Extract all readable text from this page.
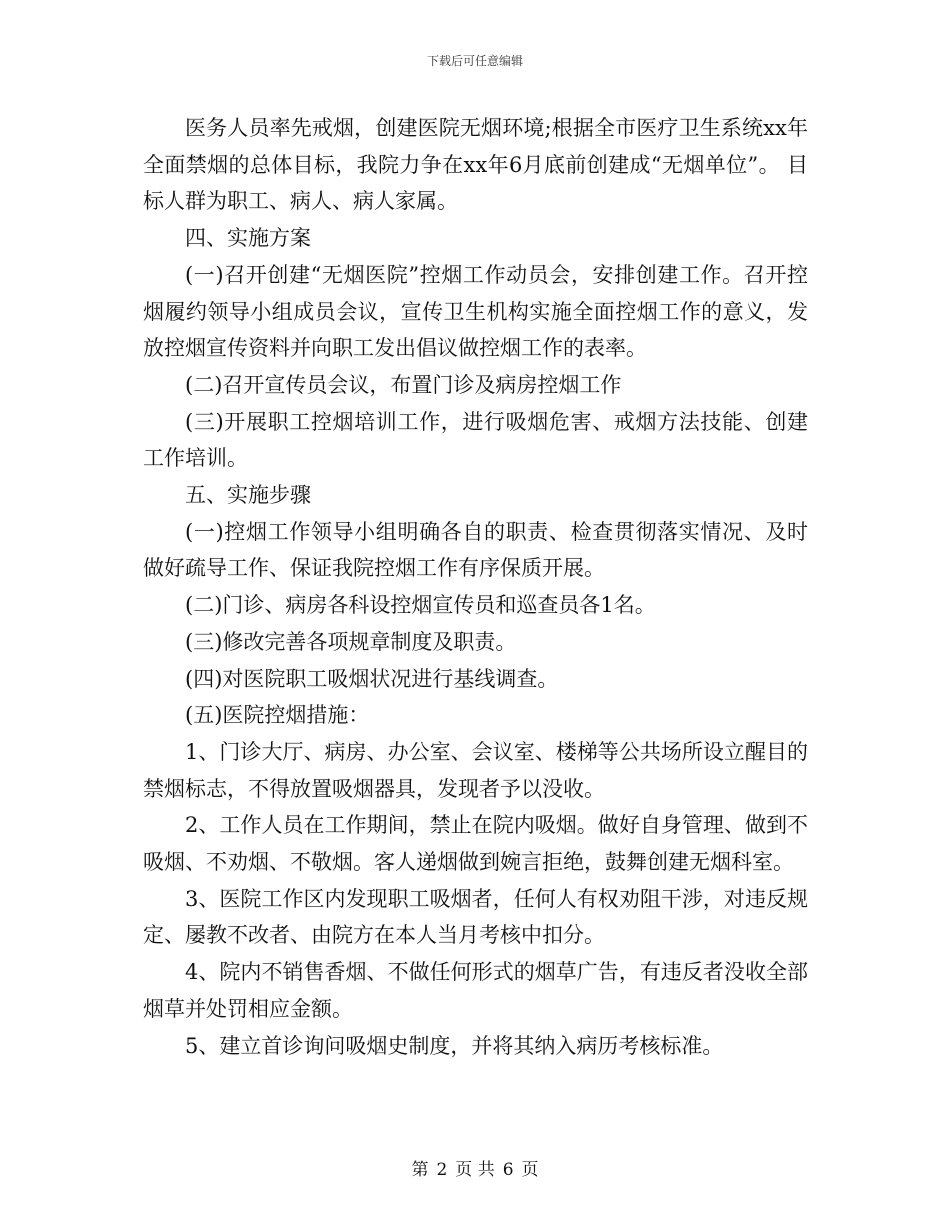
下载后可任意编辑

医务人员率先戒烟，创建医院无烟环境;根据全市医疗卫生系统xx年全面禁烟的总体目标，我院力争在xx年6月底前创建成“无烟单位”。 目标人群为职工、病人、病人家属。

四、实施方案

(一)召开创建“无烟医院”控烟工作动员会，安排创建工作。召开控烟履约领导小组成员会议，宣传卫生机构实施全面控烟工作的意义，发放控烟宣传资料并向职工发出倡议做控烟工作的表率。

(二)召开宣传员会议，布置门诊及病房控烟工作

(三)开展职工控烟培训工作，进行吸烟危害、戒烟方法技能、创建工作培训。

五、实施步骤

(一)控烟工作领导小组明确各自的职责、检查贯彻落实情况、及时做好疏导工作、保证我院控烟工作有序保质开展。

(二)门诊、病房各科设控烟宣传员和巡查员各1名。

(三)修改完善各项规章制度及职责。

(四)对医院职工吸烟状况进行基线调查。

(五)医院控烟措施：

1、门诊大厅、病房、办公室、会议室、楼梯等公共场所设立醒目的禁烟标志，不得放置吸烟器具，发现者予以没收。

2、工作人员在工作期间，禁止在院内吸烟。做好自身管理、做到不吸烟、不劝烟、不敬烟。客人递烟做到婉言拒绝，鼓舞创建无烟科室。

3、医院工作区内发现职工吸烟者，任何人有权劝阻干涉，对违反规定、屡教不改者、由院方在本人当月考核中扣分。

4、院内不销售香烟、不做任何形式的烟草广告，有违反者没收全部烟草并处罚相应金额。

5、建立首诊询问吸烟史制度，并将其纳入病历考核标准。

第 2 页 共 6 页
